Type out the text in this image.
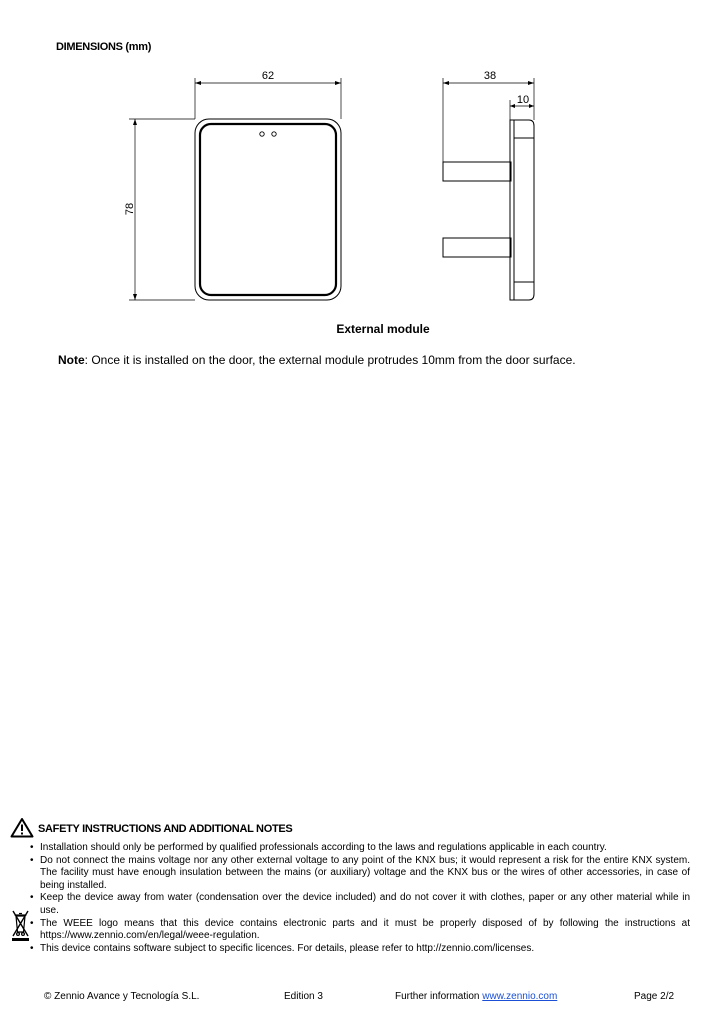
DIMENSIONS (mm)
62
78
38
10
External module
Note: Once it is installed on the door, the external module protrudes 10mm from the door surface.
SAFETY INSTRUCTIONS AND ADDITIONAL NOTES
• Installation should only be performed by qualified professionals according to the laws and regulations applicable in each country.
• Do not connect the mains voltage nor any other external voltage to any point of the KNX bus; it would represent a risk for the entire KNX system. The facility must have enough insulation between the mains (or auxiliary) voltage and the KNX bus or the wires of other accessories, in case of being installed.
• Keep the device away from water (condensation over the device included) and do not cover it with clothes, paper or any other material while in use.
• The WEEE logo means that this device contains electronic parts and it must be properly disposed of by following the instructions at https://www.zennio.com/en/legal/weee-regulation.
• This device contains software subject to specific licences. For details, please refer to http://zennio.com/licenses.
© Zennio Avance y Tecnología S.L.	Edition 3	Further information www.zennio.com	Page 2/2
